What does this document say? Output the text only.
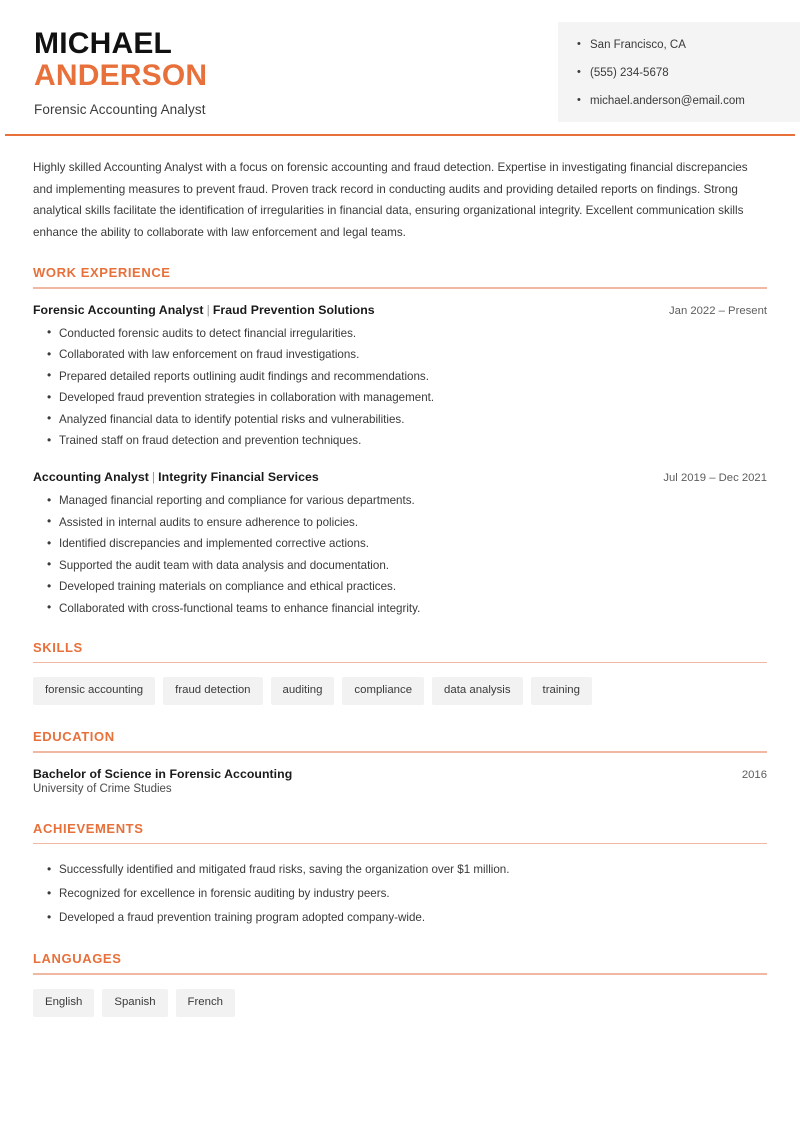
MICHAEL
ANDERSON
Forensic Accounting Analyst
• San Francisco, CA
• (555) 234-5678
• michael.anderson@email.com
Highly skilled Accounting Analyst with a focus on forensic accounting and fraud detection. Expertise in investigating financial discrepancies and implementing measures to prevent fraud. Proven track record in conducting audits and providing detailed reports on findings. Strong analytical skills facilitate the identification of irregularities in financial data, ensuring organizational integrity. Excellent communication skills enhance the ability to collaborate with law enforcement and legal teams.
WORK EXPERIENCE
Forensic Accounting Analyst | Fraud Prevention Solutions	Jan 2022 – Present
• Conducted forensic audits to detect financial irregularities.
• Collaborated with law enforcement on fraud investigations.
• Prepared detailed reports outlining audit findings and recommendations.
• Developed fraud prevention strategies in collaboration with management.
• Analyzed financial data to identify potential risks and vulnerabilities.
• Trained staff on fraud detection and prevention techniques.
Accounting Analyst | Integrity Financial Services	Jul 2019 – Dec 2021
• Managed financial reporting and compliance for various departments.
• Assisted in internal audits to ensure adherence to policies.
• Identified discrepancies and implemented corrective actions.
• Supported the audit team with data analysis and documentation.
• Developed training materials on compliance and ethical practices.
• Collaborated with cross-functional teams to enhance financial integrity.
SKILLS
forensic accounting	fraud detection	auditing	compliance	data analysis	training
EDUCATION
Bachelor of Science in Forensic Accounting	2016
University of Crime Studies
ACHIEVEMENTS
• Successfully identified and mitigated fraud risks, saving the organization over $1 million.
• Recognized for excellence in forensic auditing by industry peers.
• Developed a fraud prevention training program adopted company-wide.
LANGUAGES
English	Spanish	French
